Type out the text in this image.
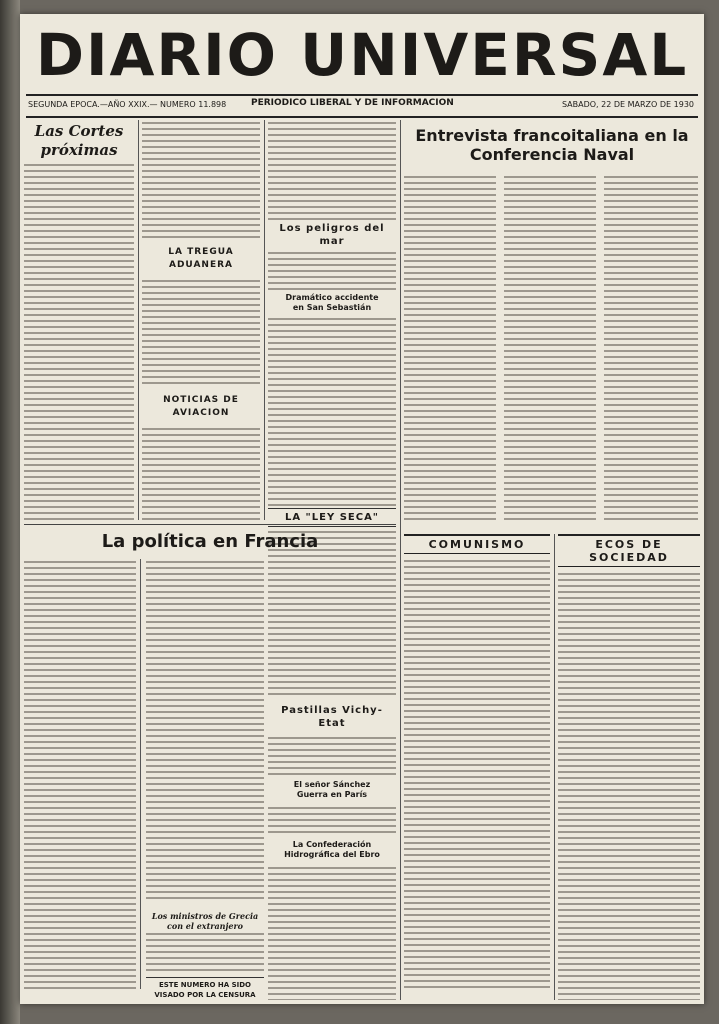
DIARIO UNIVERSAL
SEGUNDA EPOCA.—AÑO XXIX.— NUMERO 11.898	PERIODICO LIBERAL Y DE INFORMACION	SABADO, 22 DE MARZO DE 1930
Las Cortes próximas
LA TREGUA ADUANERA
NOTICIAS DE AVIACION
Los peligros del mar
Dramático accidente en San Sebastián
LA "LEY SECA"
Pastillas Vichy-Etat
El señor Sánchez Guerra en París
La Confederación Hidrográfica del Ebro
Entrevista francoitaliana en la Conferencia Naval
La política en Francia
Los ministros de Grecia con el extranjero
ESTE NUMERO HA SIDO VISADO POR LA CENSURA
COMUNISMO	ECOS DE SOCIEDAD
